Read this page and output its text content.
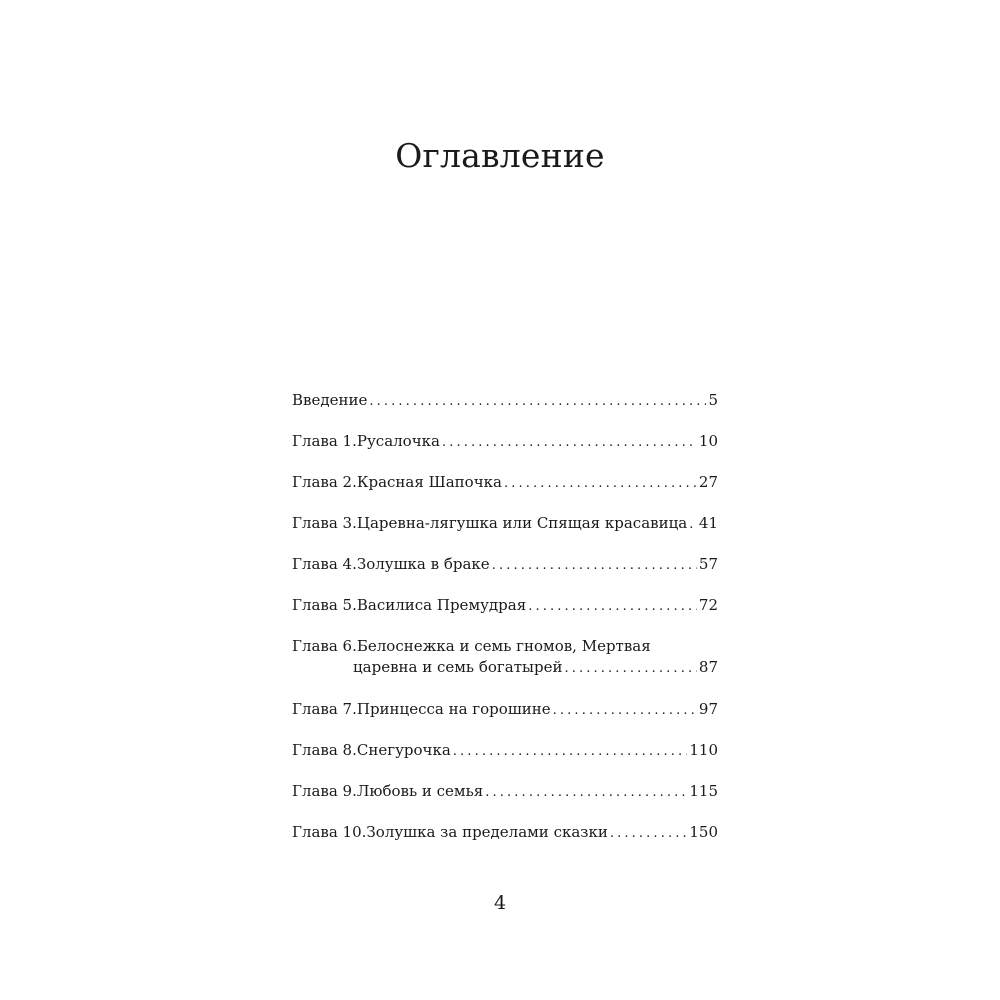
Оглавление
Введение . . .	5
Глава 1. Русалочка . . .	10
Глава 2. Красная Шапочка . . .	27
Глава 3. Царевна-лягушка или Спящая красавица . . . 41
Глава 4. Золушка в браке . . .	57
Глава 5. Василиса Премудрая . . .	72
Глава 6. Белоснежка и семь гномов, Мертвая
царевна и семь богатырей . . .	87
Глава 7. Принцесса на горошине . . .	97
Глава 8. Снегурочка . . .	110
Глава 9. Любовь и семья . . .	115
Глава 10. Золушка за пределами сказки . . .	150
4
